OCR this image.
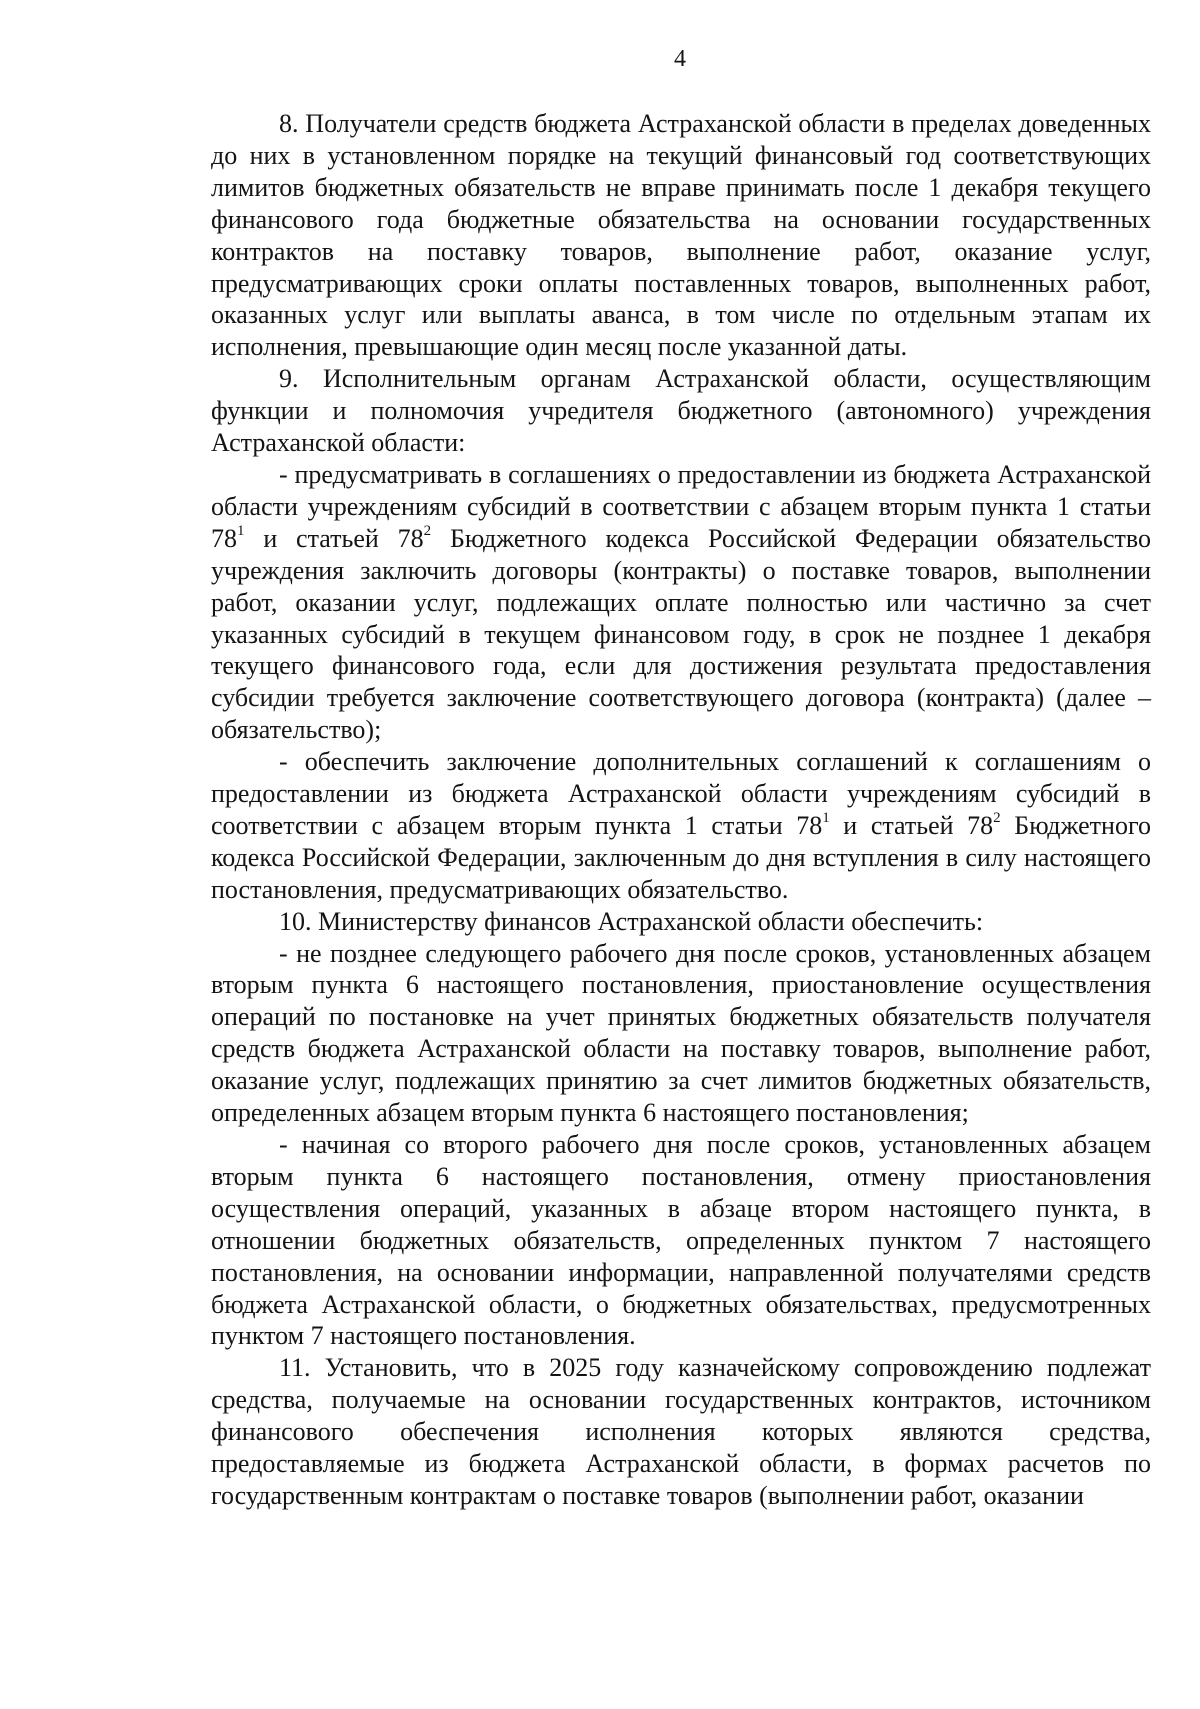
4

8. Получатели средств бюджета Астраханской области в пределах доведенных до них в установленном порядке на текущий финансовый год соответствующих лимитов бюджетных обязательств не вправе принимать после 1 декабря текущего финансового года бюджетные обязательства на основании государственных контрактов на поставку товаров, выполнение работ, оказание услуг, предусматривающих сроки оплаты поставленных товаров, выполненных работ, оказанных услуг или выплаты аванса, в том числе по отдельным этапам их исполнения, превышающие один месяц после указанной даты.

9. Исполнительным органам Астраханской области, осуществляющим функции и полномочия учредителя бюджетного (автономного) учреждения Астраханской области:

- предусматривать в соглашениях о предоставлении из бюджета Астраханской области учреждениям субсидий в соответствии с абзацем вторым пункта 1 статьи $78^1$ и статьей $78^2$ Бюджетного кодекса Российской Федерации обязательство учреждения заключить договоры (контракты) о поставке товаров, выполнении работ, оказании услуг, подлежащих оплате полностью или частично за счет указанных субсидий в текущем финансовом году, в срок не позднее 1 декабря текущего финансового года, если для достижения результата предоставления субсидии требуется заключение соответствующего договора (контракта) (далее – обязательство);

- обеспечить заключение дополнительных соглашений к соглашениям о предоставлении из бюджета Астраханской области учреждениям субсидий в соответствии с абзацем вторым пункта 1 статьи $78^1$ и статьей $78^2$ Бюджетного кодекса Российской Федерации, заключенным до дня вступления в силу настоящего постановления, предусматривающих обязательство.

10. Министерству финансов Астраханской области обеспечить:

- не позднее следующего рабочего дня после сроков, установленных абзацем вторым пункта 6 настоящего постановления, приостановление осуществления операций по постановке на учет принятых бюджетных обязательств получателя средств бюджета Астраханской области на поставку товаров, выполнение работ, оказание услуг, подлежащих принятию за счет лимитов бюджетных обязательств, определенных абзацем вторым пункта 6 настоящего постановления;

- начиная со второго рабочего дня после сроков, установленных абзацем вторым пункта 6 настоящего постановления, отмену приостановления осуществления операций, указанных в абзаце втором настоящего пункта, в отношении бюджетных обязательств, определенных пунктом 7 настоящего постановления, на основании информации, направленной получателями средств бюджета Астраханской области, о бюджетных обязательствах, предусмотренных пунктом 7 настоящего постановления.

11. Установить, что в 2025 году казначейскому сопровождению подлежат средства, получаемые на основании государственных контрактов, источником финансового обеспечения исполнения которых являются средства, предоставляемые из бюджета Астраханской области, в формах расчетов по государственным контрактам о поставке товаров (выполнении работ, оказании
